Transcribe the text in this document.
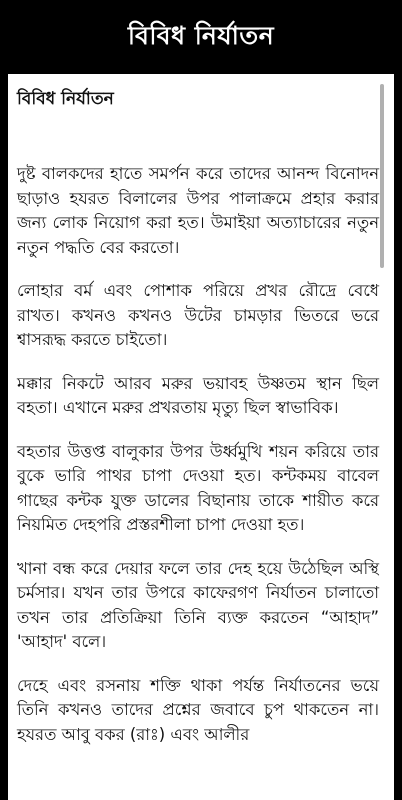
বিবিধ নির্যাতন
বিবিধ নির্যাতন

দুষ্ট বালকদের হাতে সমর্পন করে তাদের আনন্দ বিনোদন ছাড়াও হযরত বিলালের উপর পালাক্রমে প্রহার করার জন্য লোক নিয়োগ করা হত। উমাইয়া অত্যাচারের নতুন নতুন পদ্ধতি বের করতো।

লোহার বর্ম এবং পোশাক পরিয়ে প্রখর রৌদ্রে বেধে রাখত। কখনও কখনও উটের চামড়ার ভিতরে ভরে শ্বাসরূদ্ধ করতে চাইতো।

মক্কার নিকটে আরব মরুর ভয়াবহ উষ্ণতম স্থান ছিল বহতা। এখানে মরুর প্রখরতায় মৃত্যু ছিল স্বাভাবিক।

বহতার উত্তপ্ত বালুকার উপর উর্ধ্বমুখি শয়ন করিয়ে তার বুকে ভারি পাথর চাপা দেওয়া হত। কন্টকময় বাবেল গাছের কন্টক যুক্ত ডালের বিছানায় তাকে শায়ীত করে নিয়মিত দেহপরি প্রস্তরশীলা চাপা দেওয়া হত।

খানা বন্ধ করে দেয়ার ফলে তার দেহ হয়ে উঠেছিল অস্থি চর্মসার। যখন তার উপরে কাফেরগণ নির্যাতন চালাতো তখন তার প্রতিক্রিয়া তিনি ব্যক্ত করতেন “আহাদ” 'আহাদ' বলে।

দেহে এবং রসনায় শক্তি থাকা পর্যন্ত নির্যাতনের ভয়ে তিনি কখনও তাদের প্রশ্নের জবাবে চুপ থাকতেন না। হযরত আবু বকর (রাঃ) এবং আলীর
